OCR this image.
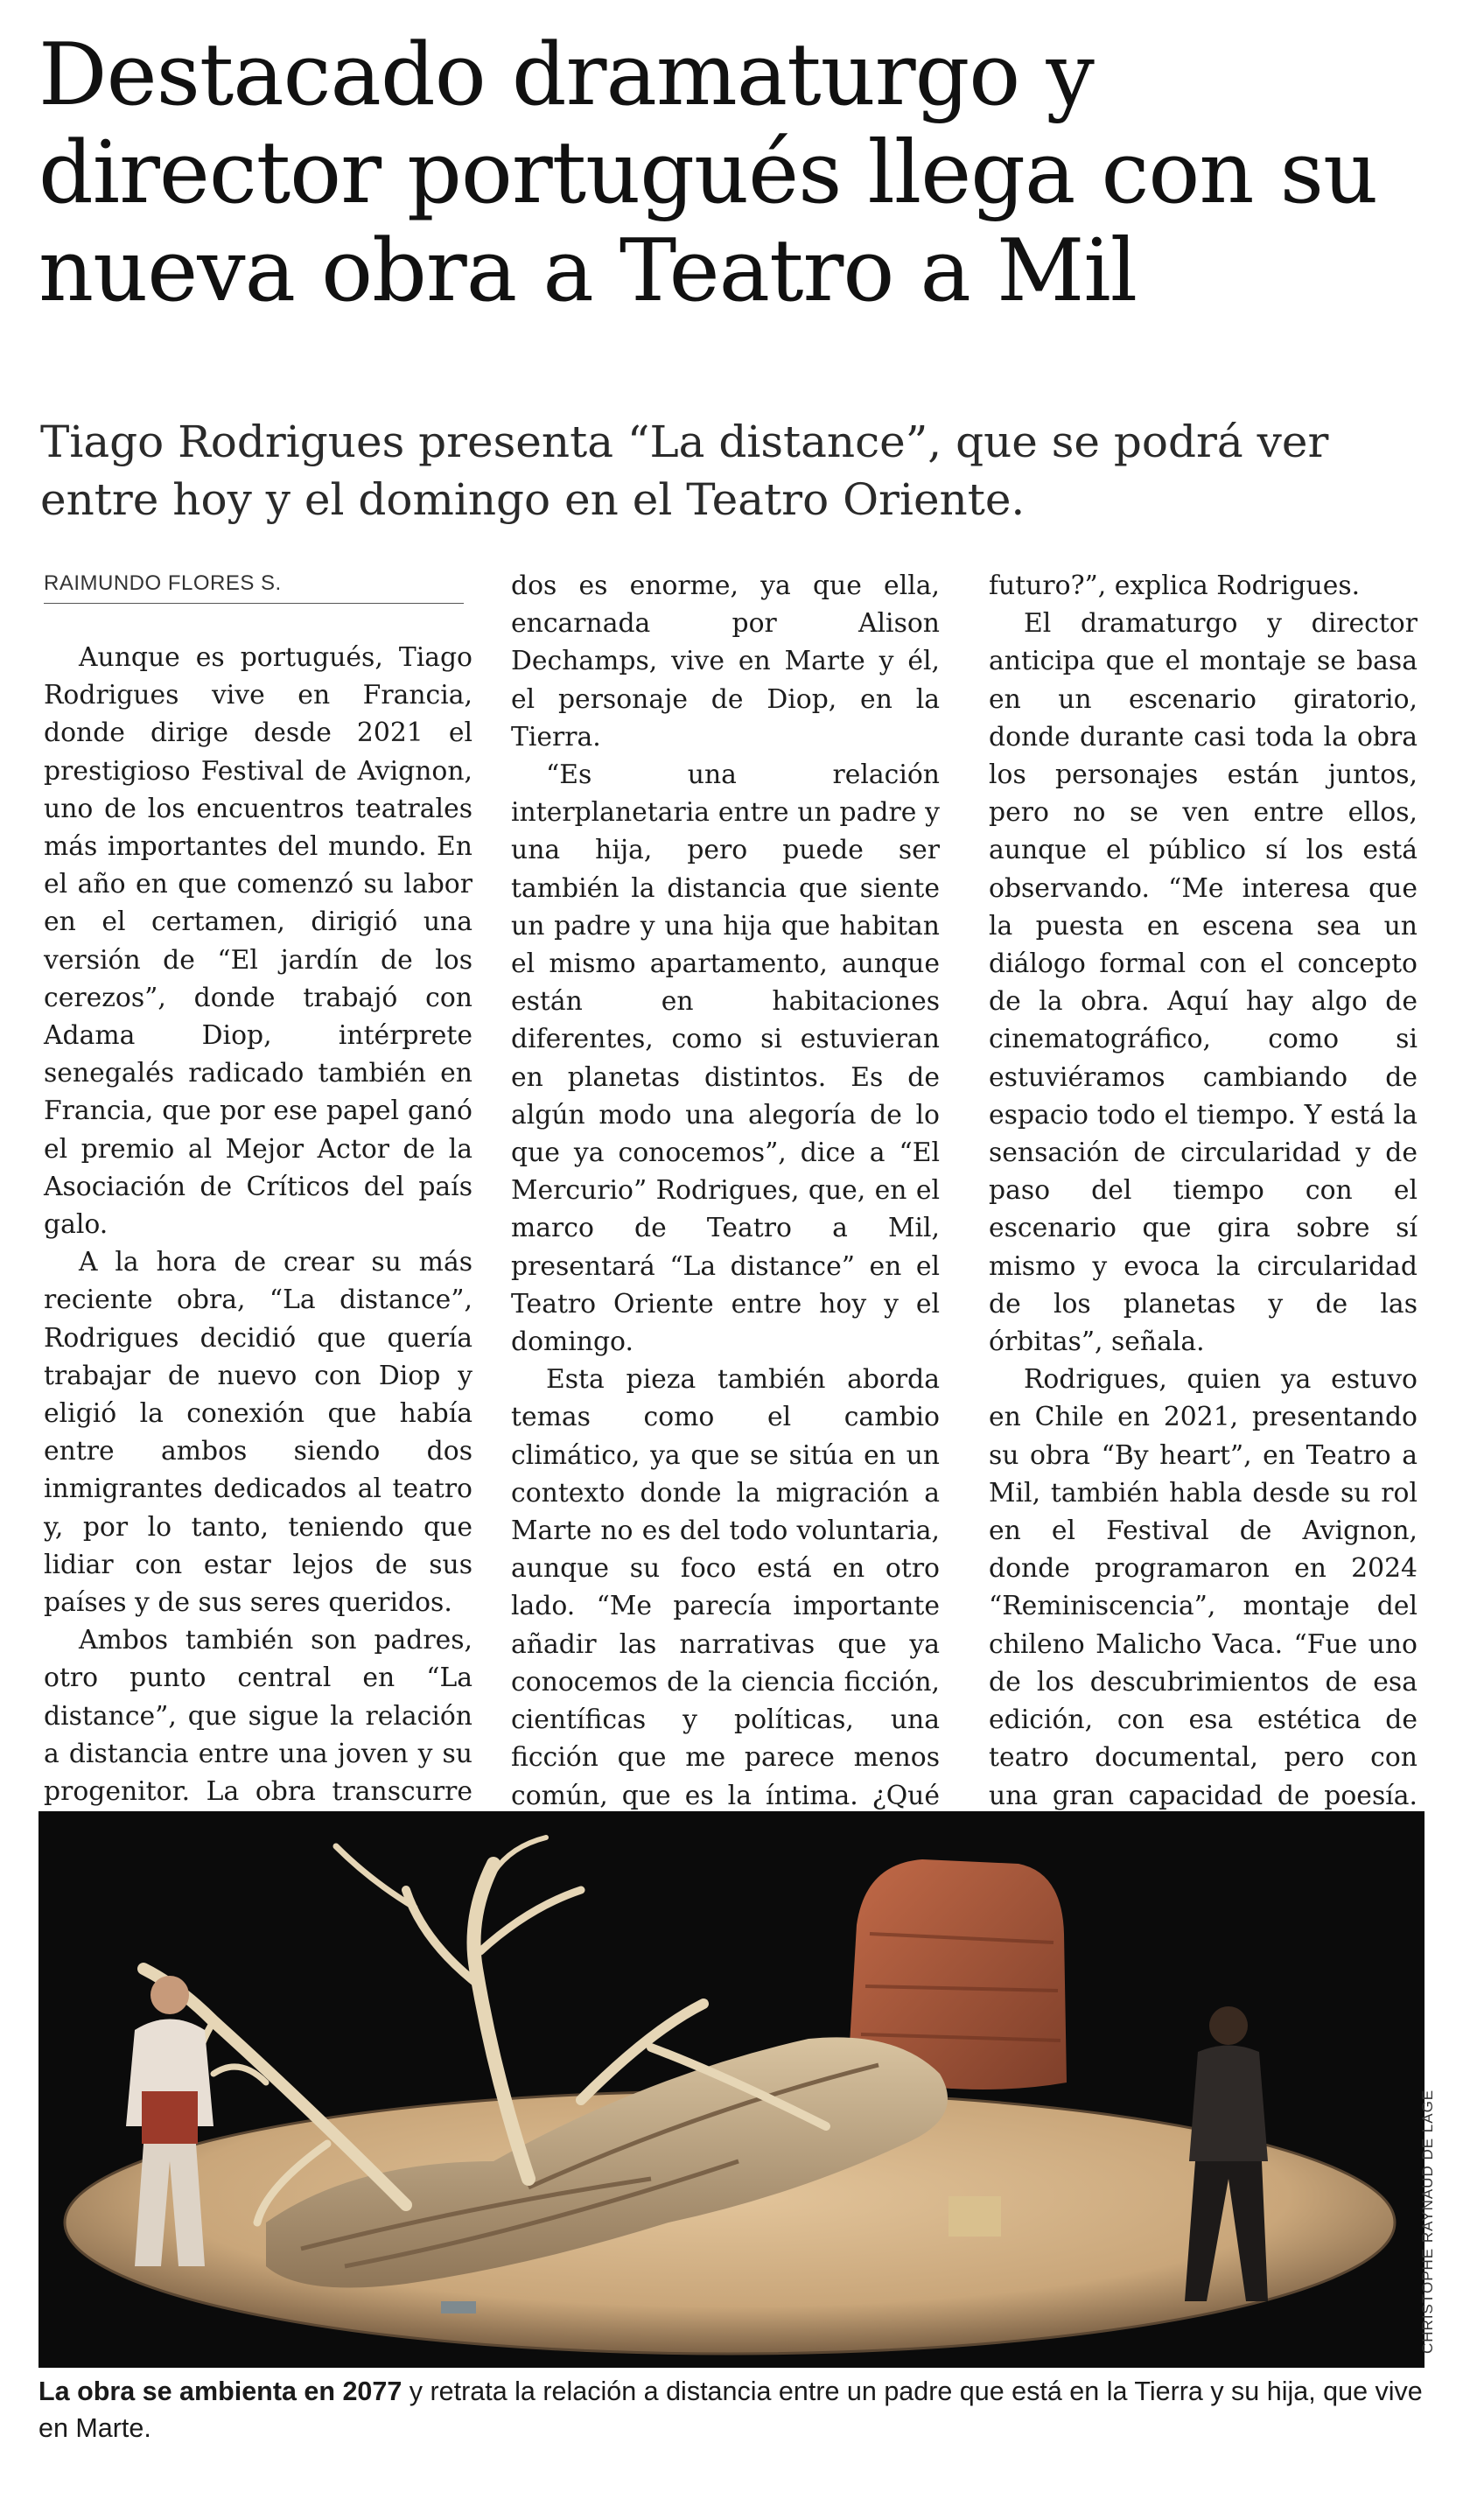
Destacado dramaturgo y director portugués llega con su nueva obra a Teatro a Mil
Tiago Rodrigues presenta “La distance”, que se podrá ver entre hoy y el domingo en el Teatro Oriente.
RAIMUNDO FLORES S.

Aunque es portugués, Tiago Rodrigues vive en Francia, donde dirige desde 2021 el prestigioso Festival de Avignon, uno de los encuentros teatrales más importantes del mundo. En el año en que comenzó su labor en el certamen, dirigió una versión de “El jardín de los cerezos”, donde trabajó con Adama Diop, intérprete senegalés radicado también en Francia, que por ese papel ganó el premio al Mejor Actor de la Asociación de Críticos del país galo.

A la hora de crear su más reciente obra, “La distance”, Rodrigues decidió que quería trabajar de nuevo con Diop y eligió la conexión que había entre ambos siendo dos inmigrantes dedicados al teatro y, por lo tanto, teniendo que lidiar con estar lejos de sus países y de sus seres queridos.

Ambos también son padres, otro punto central en “La distance”, que sigue la relación a distancia entre una joven y su progenitor. La obra transcurre

dos es enorme, ya que ella, encarnada por Alison Dechamps, vive en Marte y él, el personaje de Diop, en la Tierra.

“Es una relación interplanetaria entre un padre y una hija, pero puede ser también la distancia que siente un padre y una hija que habitan el mismo apartamento, aunque están en habitaciones diferentes, como si estuvieran en planetas distintos. Es de algún modo una alegoría de lo que ya conocemos”, dice a “El Mercurio” Rodrigues, que, en el marco de Teatro a Mil, presentará “La distance” en el Teatro Oriente entre hoy y el domingo.

Esta pieza también aborda temas como el cambio climático, ya que se sitúa en un contexto donde la migración a Marte no es del todo voluntaria, aunque su foco está en otro lado. “Me parecía importante añadir las narrativas que ya conocemos de la ciencia ficción, científicas y políticas, una ficción que me parece menos común, que es la íntima. ¿Qué

futuro?”, explica Rodrigues.

El dramaturgo y director anticipa que el montaje se basa en un escenario giratorio, donde durante casi toda la obra los personajes están juntos, pero no se ven entre ellos, aunque el público sí los está observando. “Me interesa que la puesta en escena sea un diálogo formal con el concepto de la obra. Aquí hay algo de cinematográfico, como si estuviéramos cambiando de espacio todo el tiempo. Y está la sensación de circularidad y de paso del tiempo con el escenario que gira sobre sí mismo y evoca la circularidad de los planetas y de las órbitas”, señala.

Rodrigues, quien ya estuvo en Chile en 2021, presentando su obra “By heart”, en Teatro a Mil, también habla desde su rol en el Festival de Avignon, donde programaron en 2024 “Reminiscencia”, montaje del chileno Malicho Vaca. “Fue uno de los descubrimientos de esa edición, con esa estética de teatro documental, pero con una gran capacidad de poesía.

CHRISTOPHE RAYNAUD DE LAGE
La obra se ambienta en 2077 y retrata la relación a distancia entre un padre que está en la Tierra y su hija, que vive en Marte.
